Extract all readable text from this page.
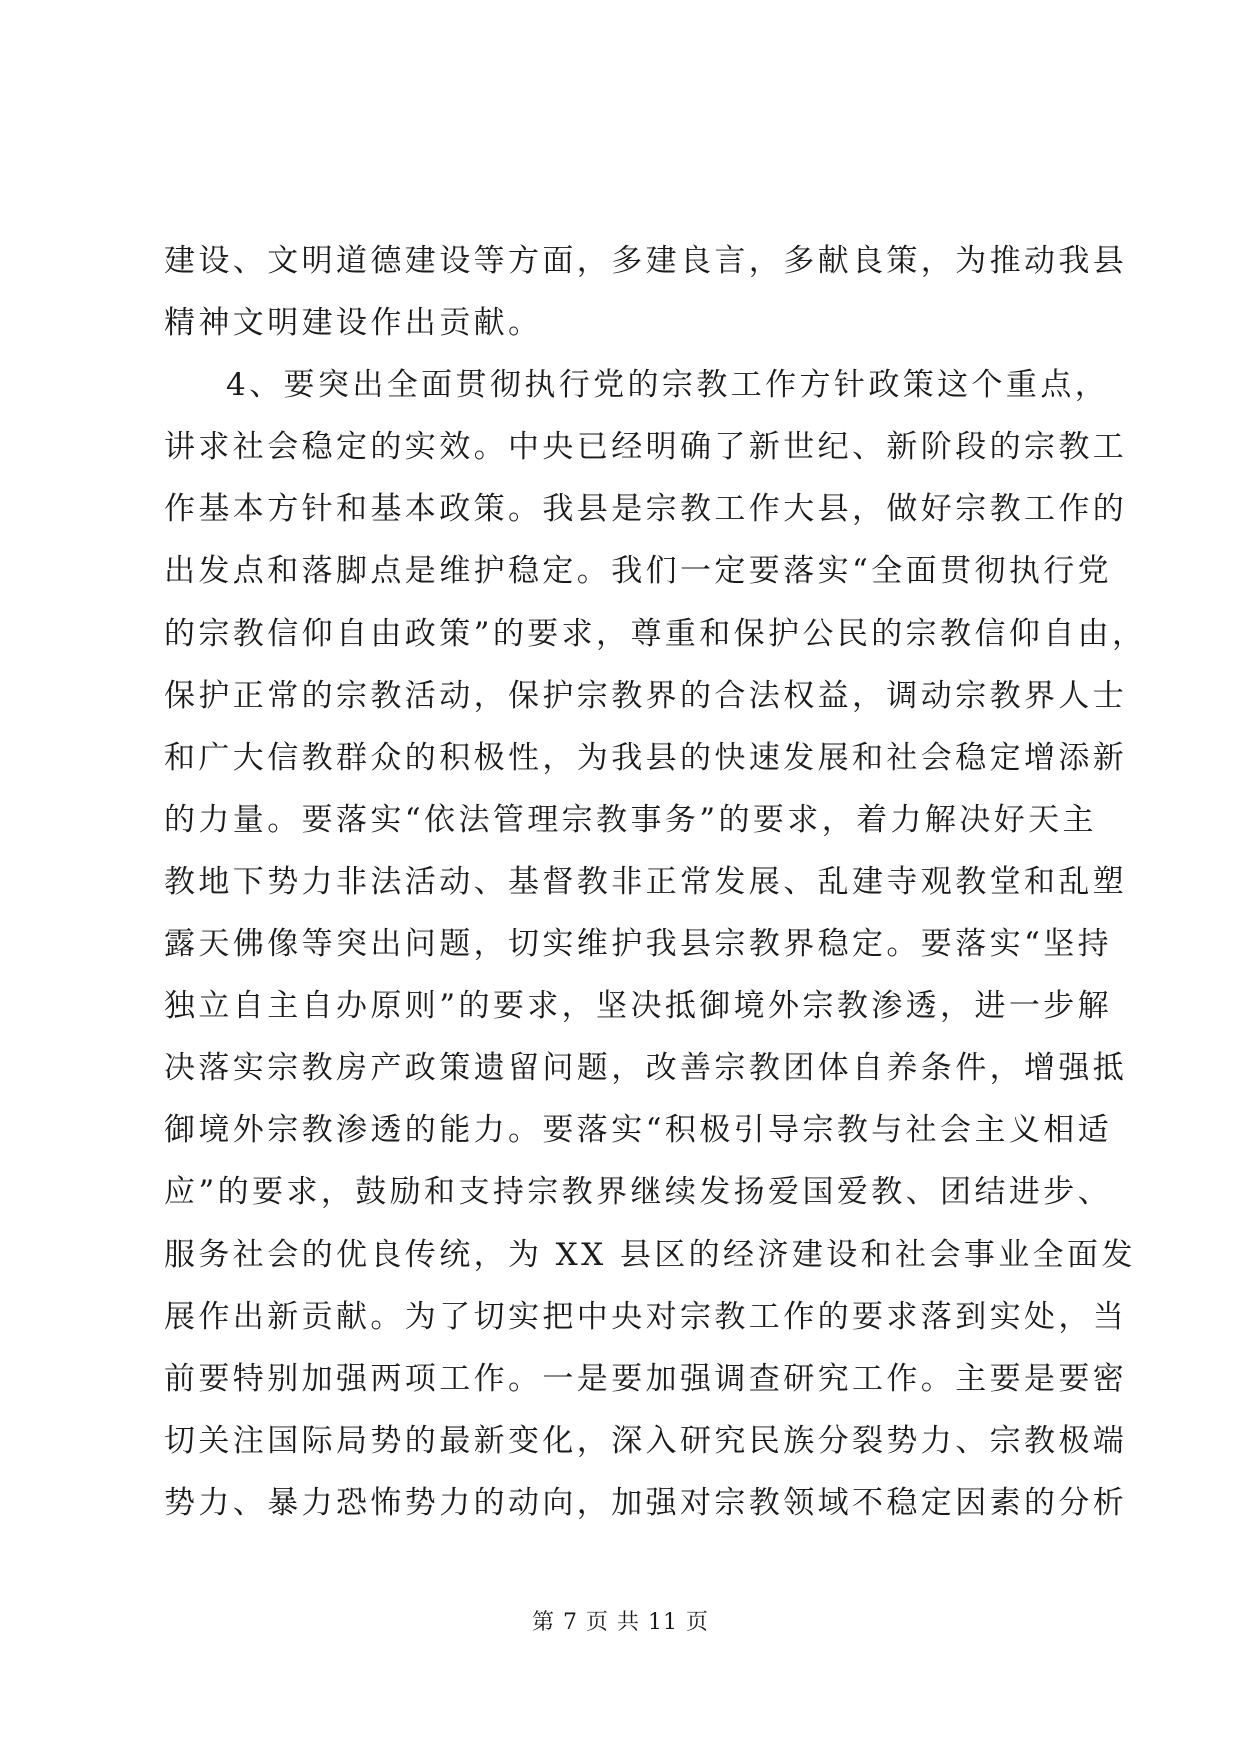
建设、文明道德建设等方面，多建良言，多献良策，为推动我县
精神文明建设作出贡献。
4、要突出全面贯彻执行党的宗教工作方针政策这个重点，
讲求社会稳定的实效。中央已经明确了新世纪、新阶段的宗教工
作基本方针和基本政策。我县是宗教工作大县，做好宗教工作的
出发点和落脚点是维护稳定。我们一定要落实“全面贯彻执行党
的宗教信仰自由政策”的要求，尊重和保护公民的宗教信仰自由，
保护正常的宗教活动，保护宗教界的合法权益，调动宗教界人士
和广大信教群众的积极性，为我县的快速发展和社会稳定增添新
的力量。要落实“依法管理宗教事务”的要求，着力解决好天主
教地下势力非法活动、基督教非正常发展、乱建寺观教堂和乱塑
露天佛像等突出问题，切实维护我县宗教界稳定。要落实“坚持
独立自主自办原则”的要求，坚决抵御境外宗教渗透，进一步解
决落实宗教房产政策遗留问题，改善宗教团体自养条件，增强抵
御境外宗教渗透的能力。要落实“积极引导宗教与社会主义相适
应”的要求，鼓励和支持宗教界继续发扬爱国爱教、团结进步、
服务社会的优良传统，为 XX 县区的经济建设和社会事业全面发
展作出新贡献。为了切实把中央对宗教工作的要求落到实处，当
前要特别加强两项工作。一是要加强调查研究工作。主要是要密
切关注国际局势的最新变化，深入研究民族分裂势力、宗教极端
势力、暴力恐怖势力的动向，加强对宗教领域不稳定因素的分析
第 7 页 共 11 页
